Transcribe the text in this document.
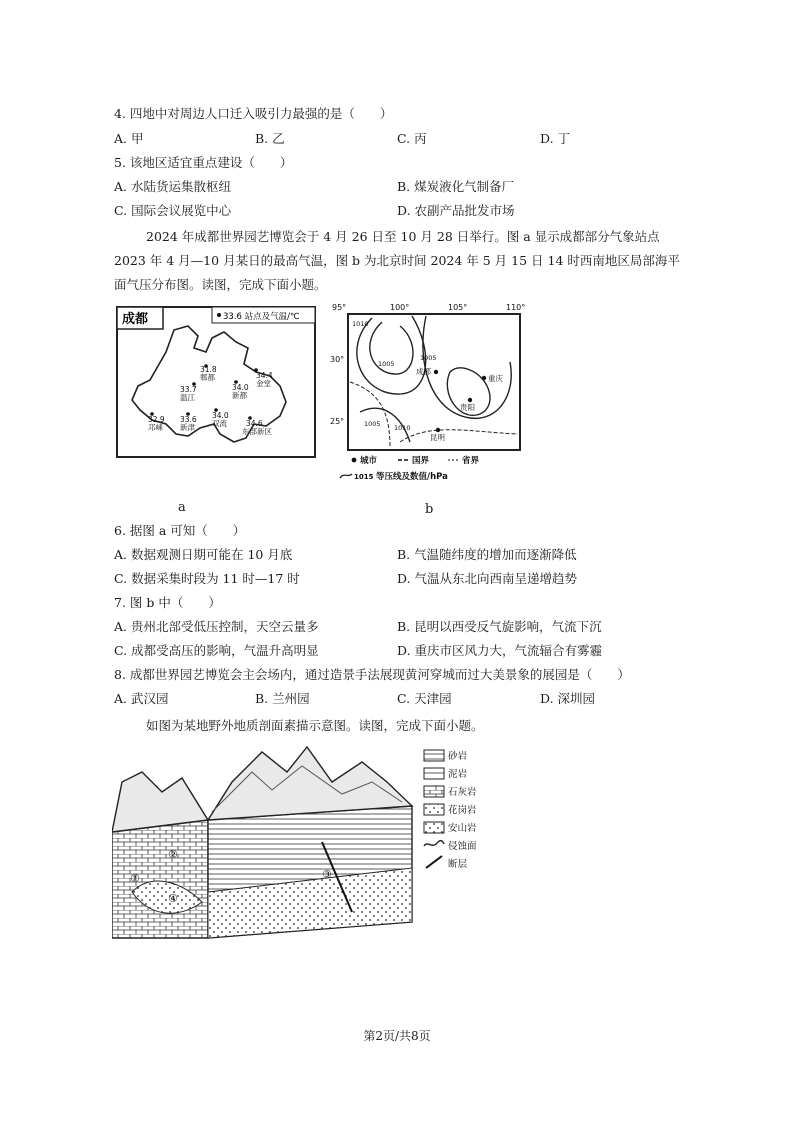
4. 四地中对周边人口迁入吸引力最强的是（　　）
A. 甲	B. 乙	C. 丙	D. 丁
5. 该地区适宜重点建设（　　）
A. 水陆货运集散枢纽	B. 煤炭液化气制备厂
C. 国际会议展览中心	D. 农副产品批发市场
2024 年成都世界园艺博览会于 4 月 26 日至 10 月 28 日举行。图 a 显示成都部分气象站点 2023 年 4 月—10 月某日的最高气温，图 b 为北京时间 2024 年 5 月 15 日 14 时西南地区局部海平面气压分布图。读图，完成下面小题。
成都	33.6 站点及气温/℃
31.8
郫都
33.7
温江
34.0
新都
34.4
金堂
32.9
邛崃
33.6
新津
34.0
双流	34.6
东部新区
a
95°	100°	105°	110°
30°
25°
1010
1005
1005
1005 1010
成都
重庆
贵阳
昆明
城市	国界	省界
1015 等压线及数值/hPa
b
6. 据图 a 可知（　　）
A. 数据观测日期可能在 10 月底	B. 气温随纬度的增加而逐渐降低
C. 数据采集时段为 11 时—17 时	D. 气温从东北向西南呈递增趋势
7. 图 b 中（　　）
A. 贵州北部受低压控制，天空云量多	B. 昆明以西受反气旋影响，气流下沉
C. 成都受高压的影响，气温升高明显	D. 重庆市区风力大，气流辐合有雾霾
8. 成都世界园艺博览会主会场内，通过造景手法展现黄河穿城而过大美景象的展园是（　　）
A. 武汉园	B. 兰州园	C. 天津园	D. 深圳园
如图为某地野外地质剖面素描示意图。读图，完成下面小题。
①
②
③
④
砂岩
泥岩
石灰岩
花岗岩
安山岩
侵蚀面
断层
第2页/共8页
